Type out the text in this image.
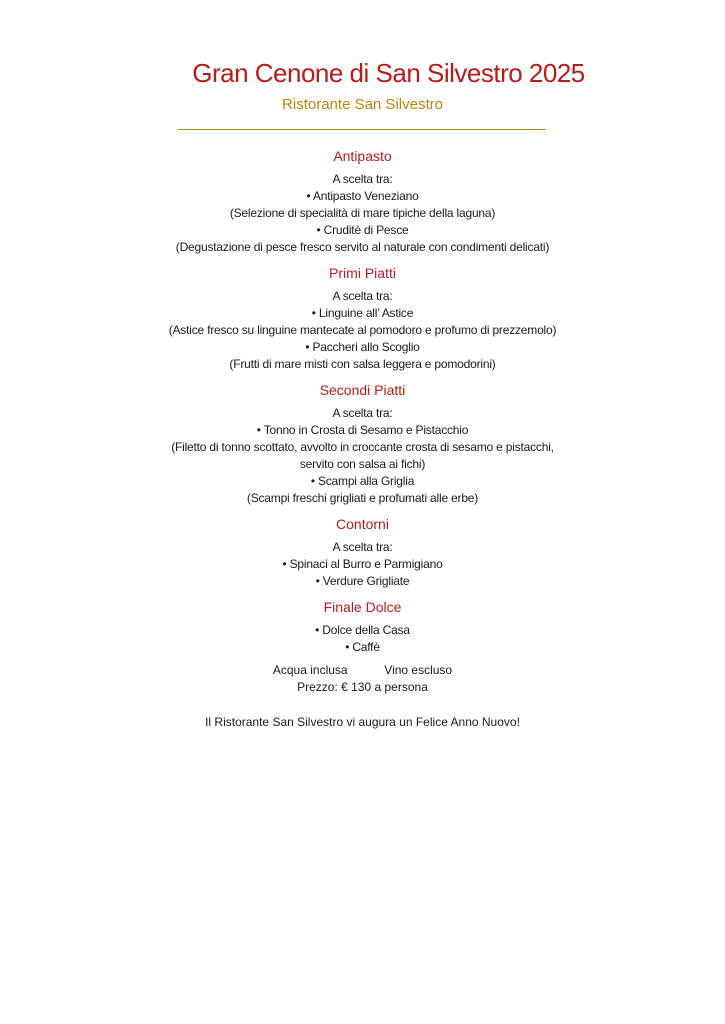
Gran Cenone di San Silvestro 2025
Ristorante San Silvestro
Antipasto
A scelta tra:
• Antipasto Veneziano
(Selezione di specialità di mare tipiche della laguna)
• Cruditè di Pesce
(Degustazione di pesce fresco servito al naturale con condimenti delicati)
Primi Piatti
A scelta tra:
• Linguine all’ Astice
(Astice fresco su linguine mantecate al pomodoro e profumo di prezzemolo)
• Paccheri allo Scoglio
(Frutti di mare misti con salsa leggera e pomodorini)
Secondi Piatti
A scelta tra:
• Tonno in Crosta di Sesamo e Pistacchio
(Filetto di tonno scottato, avvolto in croccante crosta di sesamo e pistacchi,
servito con salsa ai fichi)
• Scampi alla Griglia
(Scampi freschi grigliati e profumati alle erbe)
Contorni
A scelta tra:
• Spinaci al Burro e Parmigiano
• Verdure Grigliate
Finale Dolce
• Dolce della Casa
• Caffè
Acqua inclusa	Vino escluso
Prezzo: € 130 a persona
Il Ristorante San Silvestro vi augura un Felice Anno Nuovo!
